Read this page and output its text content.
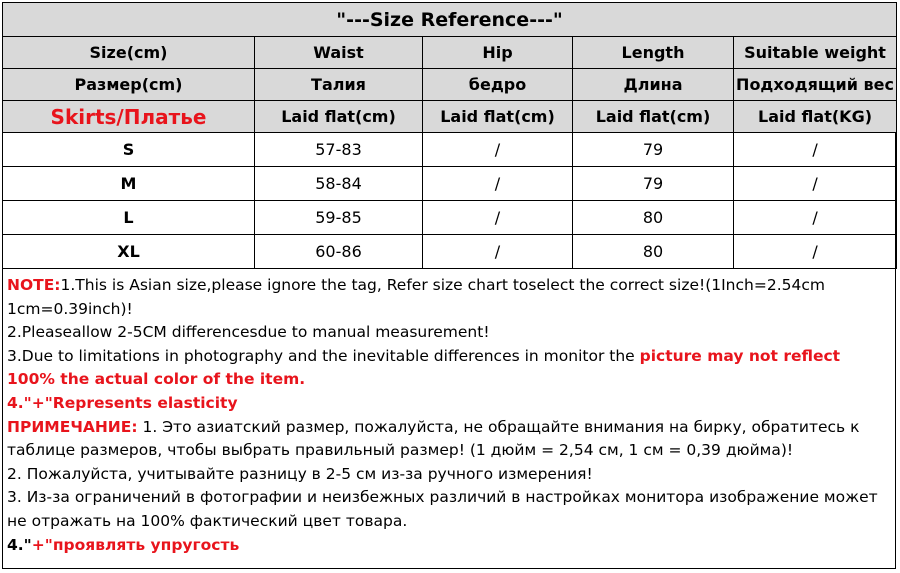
"---Size Reference---"				
Size(cm)	Waist	Hip	Length	Suitable weight
Размер(cm)	Талия	бедро	Длина	Подходящий вес
Skirts/Платье	Laid flat(cm)	Laid flat(cm)	Laid flat(cm)	Laid flat(KG)
S	57-83	/	79	/
M	58-84	/	79	/
L	59-85	/	80	/
XL	60-86	/	80	/

NOTE:1.This is Asian size,please ignore the tag, Refer size chart toselect the correct size!(1Inch=2.54cm 1cm=0.39inch)!

2.Pleaseallow 2-5CM differencesdue to manual measurement!

3.Due to limitations in photography and the inevitable differences in monitor the picture may not reflect 100% the actual color of the item.

4."+"Represents elasticity

ПРИМЕЧАНИЕ: 1. Это азиатский размер, пожалуйста, не обращайте внимания на бирку, обратитесь к таблице размеров, чтобы выбрать правильный размер! (1 дюйм = 2,54 см, 1 см = 0,39 дюйма)!

2. Пожалуйста, учитывайте разницу в 2-5 см из-за ручного измерения!

3. Из-за ограничений в фотографии и неизбежных различий в настройках монитора изображение может не отражать на 100% фактический цвет товара.

4."+"проявлять упругость
